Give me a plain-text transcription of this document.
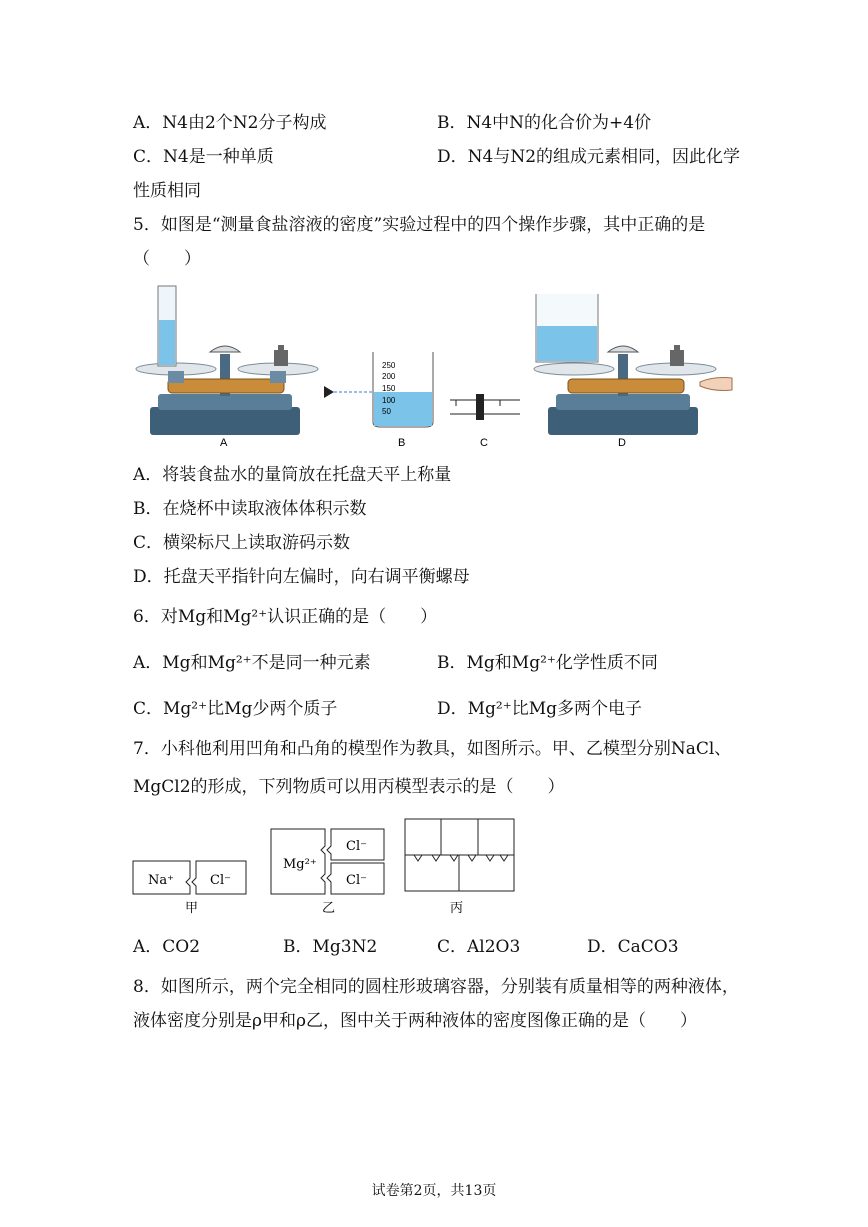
A．N4由2个N2分子构成	B．N4中N的化合价为+4价
C．N4是一种单质	D．N4与N2的组成元素相同，因此化学
性质相同
5．如图是“测量食盐溶液的密度”实验过程中的四个操作步骤，其中正确的是
（　　）
A
250
200
150
100
50
B	C	D
A．将装食盐水的量筒放在托盘天平上称量
B．在烧杯中读取液体体积示数
C．横梁标尺上读取游码示数
D．托盘天平指针向左偏时，向右调平衡螺母
6．对Mg和Mg²⁺认识正确的是（　　）
A．Mg和Mg²⁺不是同一种元素	B．Mg和Mg²⁺化学性质不同
C．Mg²⁺比Mg少两个质子	D．Mg²⁺比Mg多两个电子
7．小科他利用凹角和凸角的模型作为教具，如图所示。甲、乙模型分别NaCl、
MgCl2的形成，下列物质可以用丙模型表示的是（　　）
Na⁺	Cl⁻
甲
Mg²⁺
Cl⁻
Cl⁻
乙	丙
A．CO2	B．Mg3N2	C．Al2O3	D．CaCO3
8．如图所示，两个完全相同的圆柱形玻璃容器，分别装有质量相等的两种液体，
液体密度分别是ρ甲和ρ乙，图中关于两种液体的密度图像正确的是（　　）
试卷第2页，共13页
